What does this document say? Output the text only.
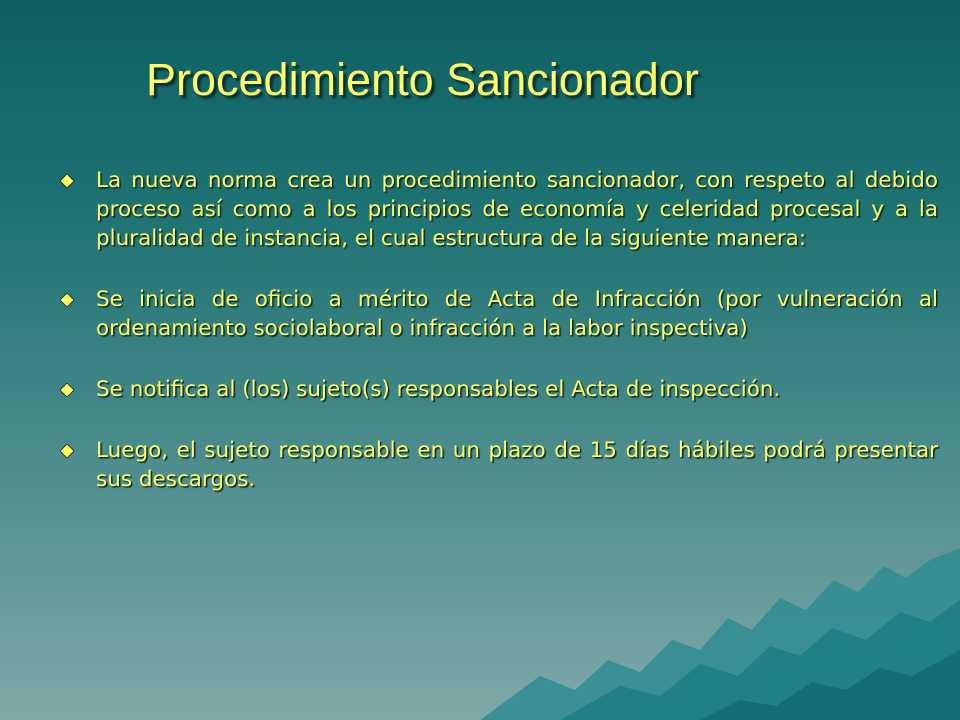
Procedimiento Sancionador
La nueva norma crea un procedimiento sancionador, con respeto al debido proceso así como a los principios de economía y celeridad procesal y a la pluralidad de instancia, el cual estructura de la siguiente manera:
Se inicia de oficio a mérito de Acta de Infracción (por vulneración al ordenamiento sociolaboral o infracción a la labor inspectiva)
Se notifica al (los) sujeto(s) responsables el Acta de inspección.
Luego, el sujeto responsable en un plazo de 15 días hábiles podrá presentar sus descargos.
